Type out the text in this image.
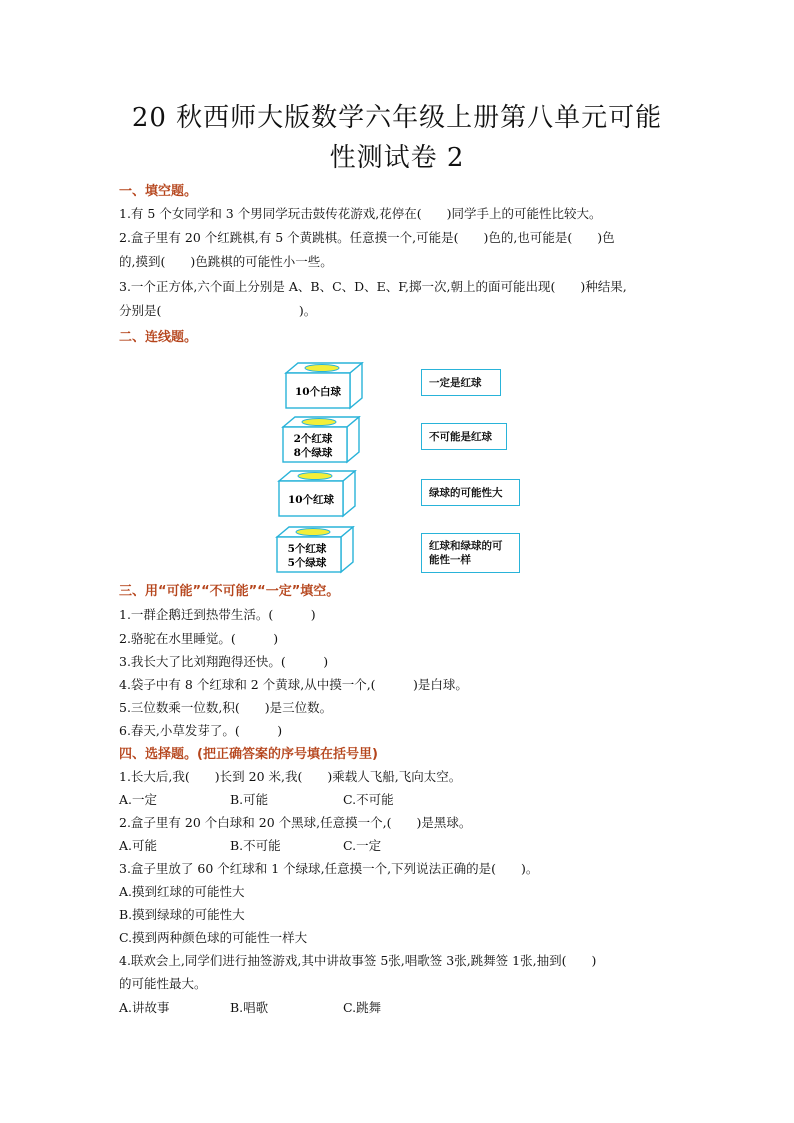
20 秋西师大版数学六年级上册第八单元可能
性测试卷 2
一、填空题。
1.有 5 个女同学和 3 个男同学玩击鼓传花游戏,花停在(　　)同学手上的可能性比较大。
2.盒子里有 20 个红跳棋,有 5 个黄跳棋。任意摸一个,可能是(　　)色的,也可能是(　　)色
的,摸到(　　)色跳棋的可能性小一些。
3.一个正方体,六个面上分别是 A、B、C、D、E、F,掷一次,朝上的面可能出现(　　)种结果,
分别是(　　　　　　　　　　　)。
二、连线题。
10个白球
2个红球
8个绿球
10个红球
5个红球
5个绿球
一定是红球
不可能是红球
绿球的可能性大
红球和绿球的可
能性一样
三、用“可能”“不可能”“一定”填空。
1.一群企鹅迁到热带生活。(　　　)
2.骆驼在水里睡觉。(　　　)
3.我长大了比刘翔跑得还快。(　　　)
4.袋子中有 8 个红球和 2 个黄球,从中摸一个,(　　　)是白球。
5.三位数乘一位数,积(　　)是三位数。
6.春天,小草发芽了。(　　　)
四、选择题。(把正确答案的序号填在括号里)
1.长大后,我(　　)长到 20 米,我(　　)乘载人飞船,飞向太空。
A.一定	B.可能	C.不可能
2.盒子里有 20 个白球和 20 个黑球,任意摸一个,(　　)是黑球。
A.可能	B.不可能	C.一定
3.盒子里放了 60 个红球和 1 个绿球,任意摸一个,下列说法正确的是(　　)。
A.摸到红球的可能性大
B.摸到绿球的可能性大
C.摸到两种颜色球的可能性一样大
4.联欢会上,同学们进行抽签游戏,其中讲故事签 5张,唱歌签 3张,跳舞签 1张,抽到(　　)
的可能性最大。
A.讲故事	B.唱歌	C.跳舞
